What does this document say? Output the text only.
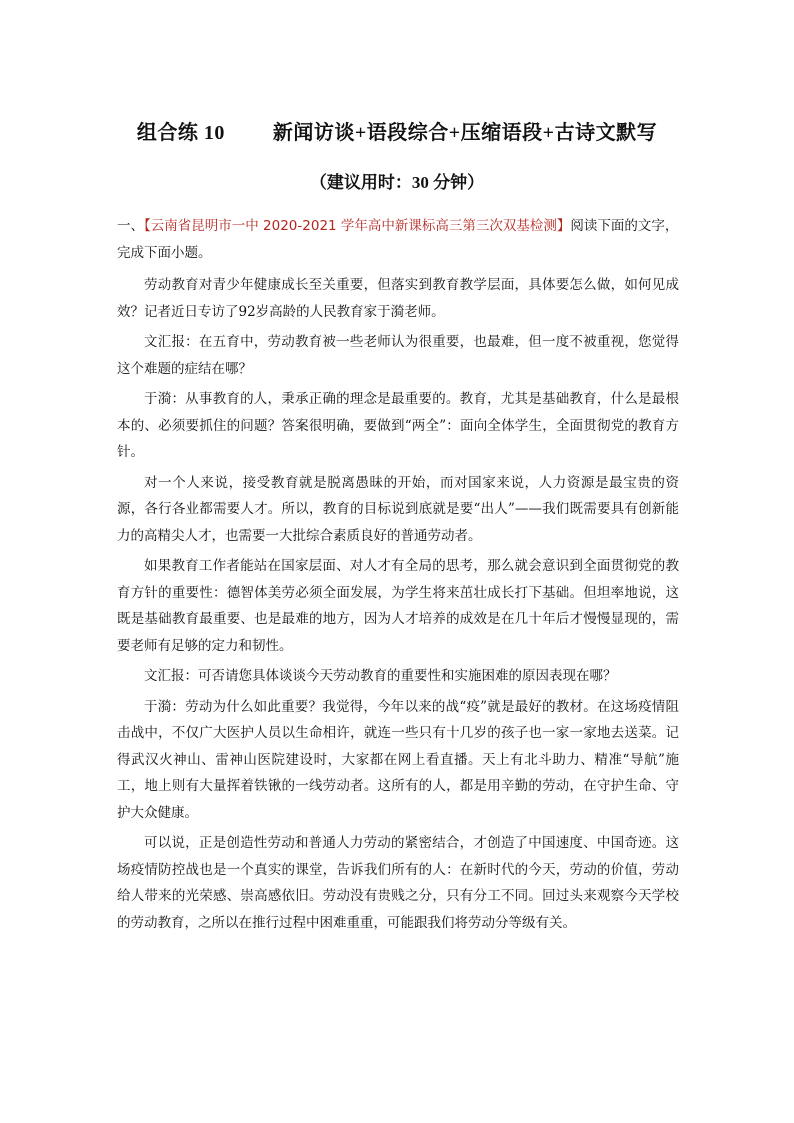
组合练 10 新闻访谈+语段综合+压缩语段+古诗文默写
（建议用时：30 分钟）

一、【云南省昆明市一中 2020-2021 学年高中新课标高三第三次双基检测】阅读下面的文字，完成下面小题。

劳动教育对青少年健康成长至关重要，但落实到教育教学层面，具体要怎么做，如何见成效？记者近日专访了92岁高龄的人民教育家于漪老师。

文汇报：在五育中，劳动教育被一些老师认为很重要，也最难，但一度不被重视，您觉得这个难题的症结在哪？

于漪：从事教育的人，秉承正确的理念是最重要的。教育，尤其是基础教育，什么是最根本的、必须要抓住的问题？答案很明确，要做到“两全”：面向全体学生，全面贯彻党的教育方针。

对一个人来说，接受教育就是脱离愚昧的开始，而对国家来说，人力资源是最宝贵的资源，各行各业都需要人才。所以，教育的目标说到底就是要“出人”——我们既需要具有创新能力的高精尖人才，也需要一大批综合素质良好的普通劳动者。

如果教育工作者能站在国家层面、对人才有全局的思考，那么就会意识到全面贯彻党的教育方针的重要性：德智体美劳必须全面发展，为学生将来茁壮成长打下基础。但坦率地说，这既是基础教育最重要、也是最难的地方，因为人才培养的成效是在几十年后才慢慢显现的，需要老师有足够的定力和韧性。

文汇报：可否请您具体谈谈今天劳动教育的重要性和实施困难的原因表现在哪？

于漪：劳动为什么如此重要？我觉得，今年以来的战“疫”就是最好的教材。在这场疫情阻击战中，不仅广大医护人员以生命相许，就连一些只有十几岁的孩子也一家一家地去送菜。记得武汉火神山、雷神山医院建设时，大家都在网上看直播。天上有北斗助力、精准“导航”施工，地上则有大量挥着铁锹的一线劳动者。这所有的人，都是用辛勤的劳动，在守护生命、守护大众健康。

可以说，正是创造性劳动和普通人力劳动的紧密结合，才创造了中国速度、中国奇迹。这场疫情防控战也是一个真实的课堂，告诉我们所有的人：在新时代的今天，劳动的价值，劳动给人带来的光荣感、崇高感依旧。劳动没有贵贱之分，只有分工不同。回过头来观察今天学校的劳动教育，之所以在推行过程中困难重重，可能跟我们将劳动分等级有关。
